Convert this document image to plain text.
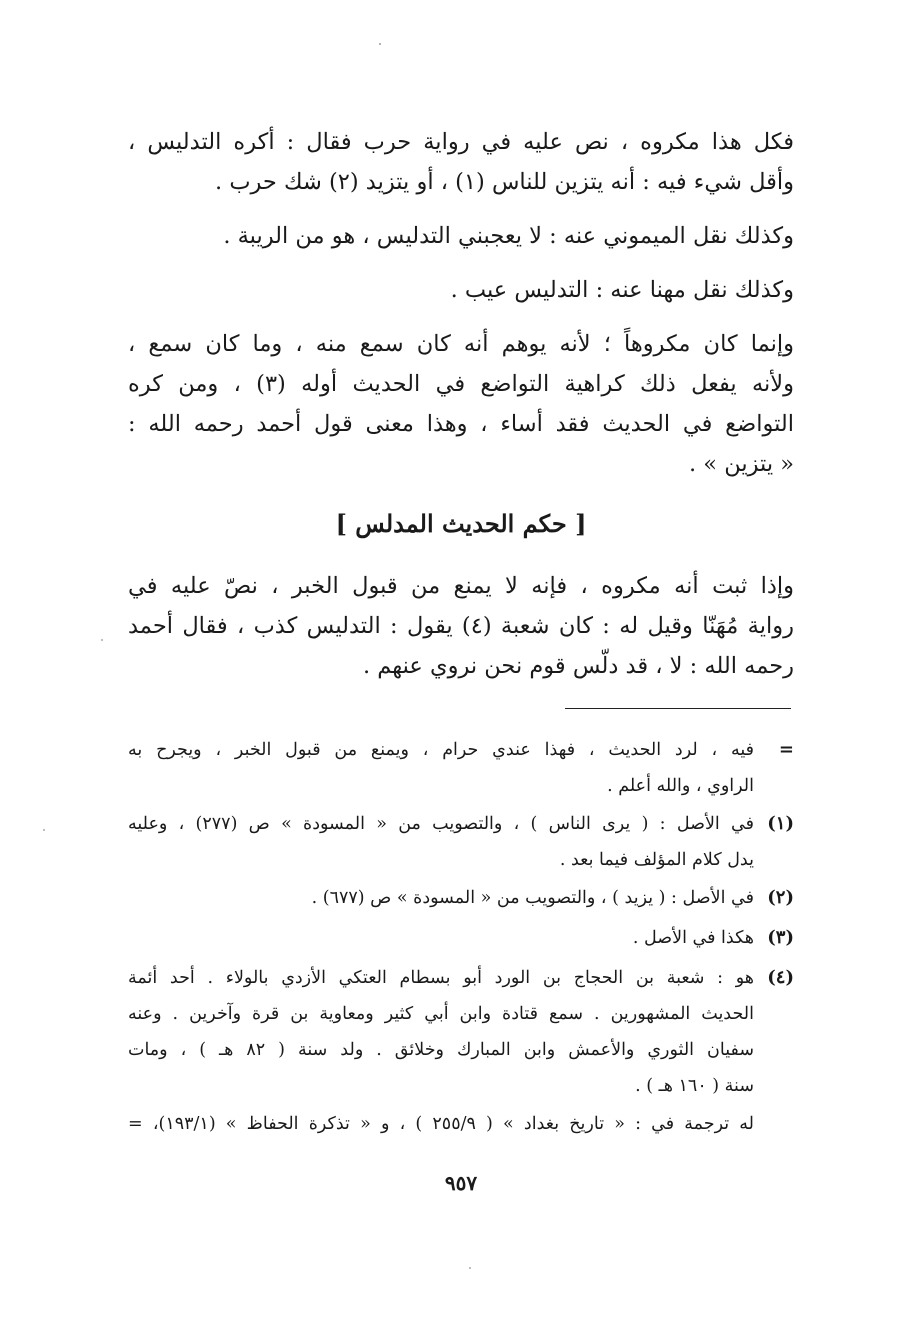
فكل هذا مكروه ، نص عليه في رواية حرب فقال : أكره التدليس ،
وأقل شيء فيه : أنه يتزين للناس (١) ، أو يتزيد (٢) شك حرب .
وكذلك نقل الميموني عنه : لا يعجبني التدليس ، هو من الريبة .
وكذلك نقل مهنا عنه : التدليس عيب .
وإنما كان مكروهاً ؛ لأنه يوهم أنه كان سمع منه ، وما كان سمع ،
ولأنه يفعل ذلك كراهية التواضع في الحديث أوله (٣) ، ومن كره
التواضع في الحديث فقد أساء ، وهذا معنى قول أحمد رحمه الله :
« يتزين » .
[ حكم الحديث المدلس ]
وإذا ثبت أنه مكروه ، فإنه لا يمنع من قبول الخبر ، نصّ عليه في
رواية مُهَنّا وقيل له : كان شعبة (٤) يقول : التدليس كذب ، فقال أحمد
رحمه الله : لا ، قد دلّس قوم نحن نروي عنهم .
=
فيه ، لرد الحديث ، فهذا عندي حرام ، ويمنع من قبول الخبر ، ويجرح به
الراوي ، والله أعلم .
(١)
في الأصل : ( يرى الناس ) ، والتصويب من « المسودة » ص (٢٧٧) ، وعليه
يدل كلام المؤلف فيما بعد .
(٢)
في الأصل : ( يزيد ) ، والتصويب من « المسودة » ص (٦٧٧) .
(٣)
هكذا في الأصل .
(٤)
هو : شعبة بن الحجاج بن الورد أبو بسطام العتكي الأزدي بالولاء . أحد أئمة
الحديث المشهورين . سمع قتادة وابن أبي كثير ومعاوية بن قرة وآخرين . وعنه
سفيان الثوري والأعمش وابن المبارك وخلائق . ولد سنة ( ٨٢ هـ ) ، ومات
سنة ( ١٦٠ هـ ) .
له ترجمة في : « تاريخ بغداد » ( ٢٥٥/٩ ) ، و « تذكرة الحفاظ » (١٩٣/١)، =
٩٥٧
